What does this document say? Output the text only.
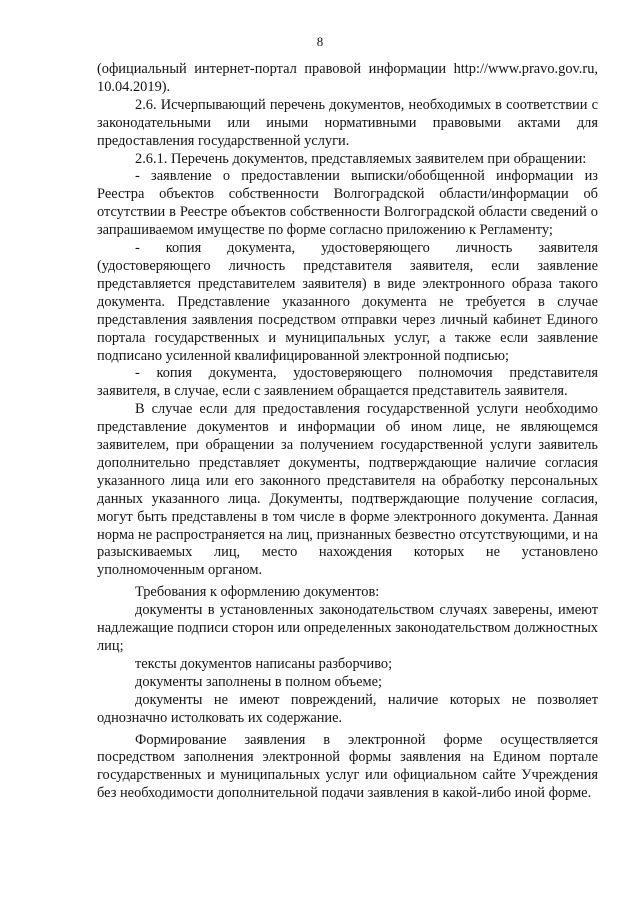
8

(официальный интернет-портал правовой информации http://www.pravo.gov.ru, 10.04.2019).

2.6. Исчерпывающий перечень документов, необходимых в соответствии с законодательными или иными нормативными правовыми актами для предоставления государственной услуги.

2.6.1. Перечень документов, представляемых заявителем при обращении:

- заявление о предоставлении выписки/обобщенной информации из Реестра объектов собственности Волгоградской области/информации об отсутствии в Реестре объектов собственности Волгоградской области сведений о запрашиваемом имуществе по форме согласно приложению к Регламенту;

- копия документа, удостоверяющего личность заявителя (удостоверяющего личность представителя заявителя, если заявление представляется представителем заявителя) в виде электронного образа такого документа. Представление указанного документа не требуется в случае представления заявления посредством отправки через личный кабинет Единого портала государственных и муниципальных услуг, а также если заявление подписано усиленной квалифицированной электронной подписью;

- копия документа, удостоверяющего полномочия представителя заявителя, в случае, если с заявлением обращается представитель заявителя.

В случае если для предоставления государственной услуги необходимо представление документов и информации об ином лице, не являющемся заявителем, при обращении за получением государственной услуги заявитель дополнительно представляет документы, подтверждающие наличие согласия указанного лица или его законного представителя на обработку персональных данных указанного лица. Документы, подтверждающие получение согласия, могут быть представлены в том числе в форме электронного документа. Данная норма не распространяется на лиц, признанных безвестно отсутствующими, и на разыскиваемых лиц, место нахождения которых не установлено уполномоченным органом.

Требования к оформлению документов:

документы в установленных законодательством случаях заверены, имеют надлежащие подписи сторон или определенных законодательством должностных лиц;

тексты документов написаны разборчиво;

документы заполнены в полном объеме;

документы не имеют повреждений, наличие которых не позволяет однозначно истолковать их содержание.

Формирование заявления в электронной форме осуществляется посредством заполнения электронной формы заявления на Едином портале государственных и муниципальных услуг или официальном сайте Учреждения без необходимости дополнительной подачи заявления в какой-либо иной форме.
